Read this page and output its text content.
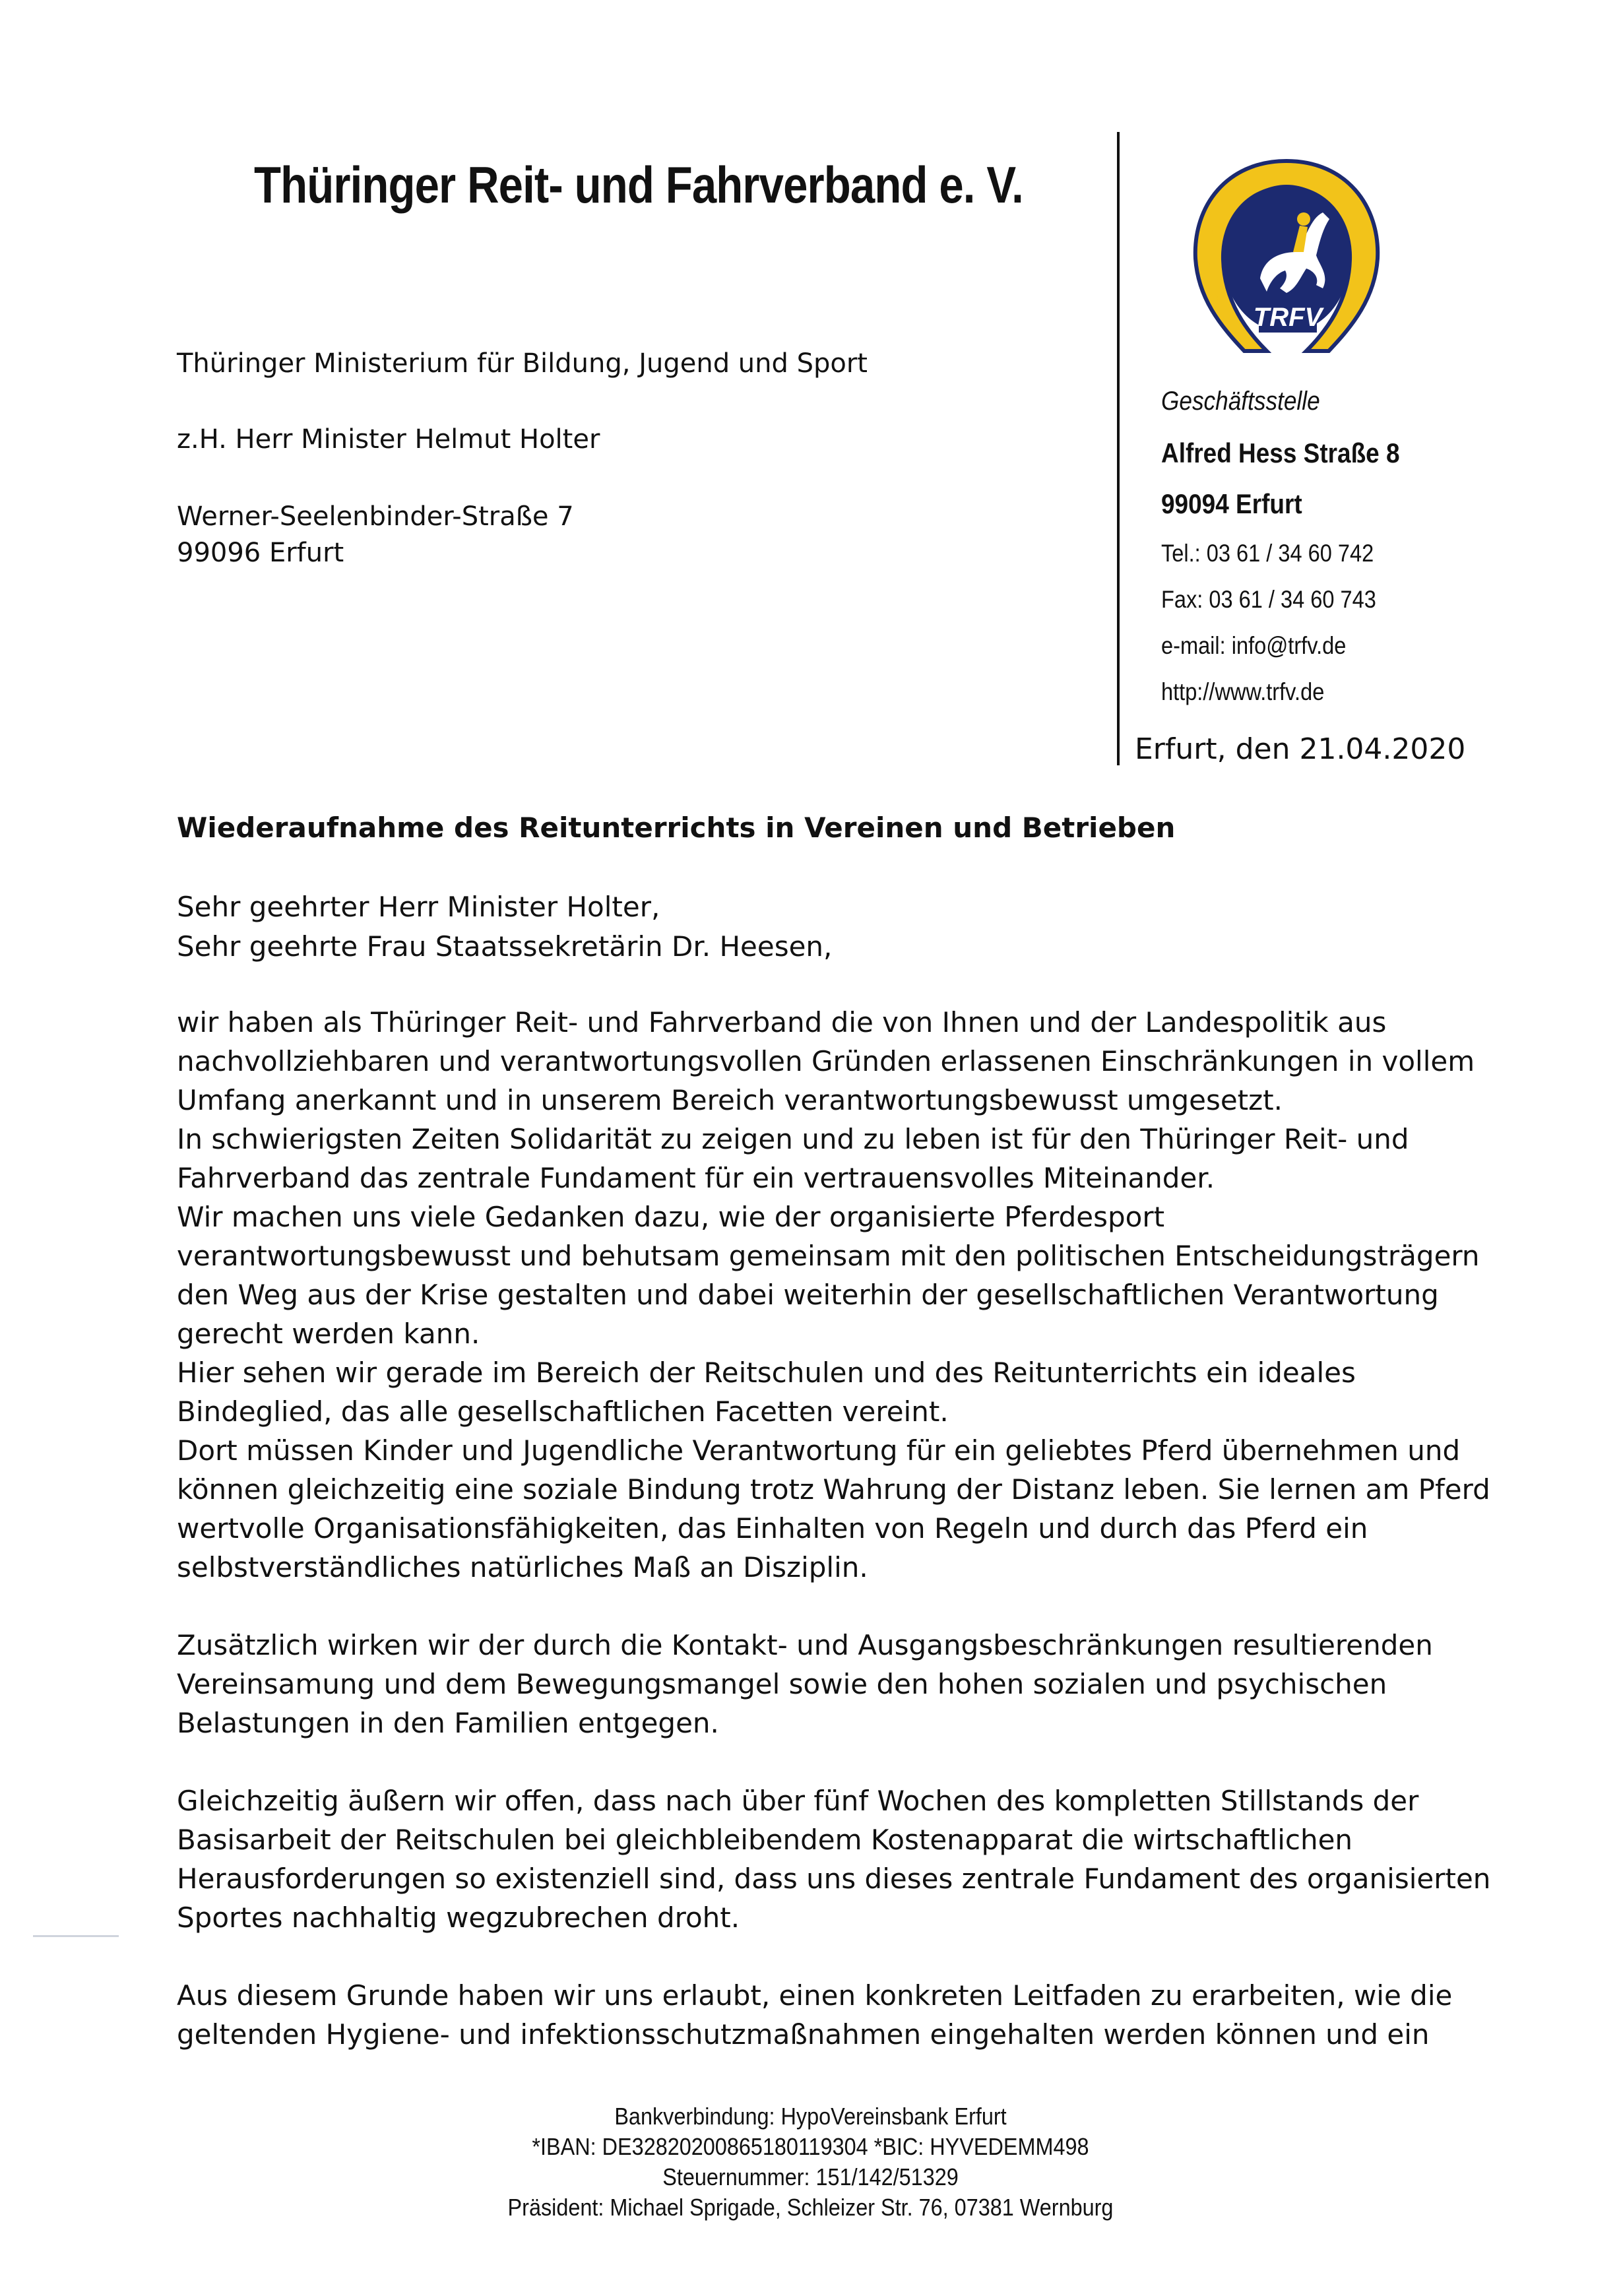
Thüringer Reit- und Fahrverband e. V.
Thüringer Ministerium für Bildung, Jugend und Sport
z.H. Herr Minister Helmut Holter
Werner-Seelenbinder-Straße 7
99096 Erfurt
TRFV
Geschäftsstelle
Alfred Hess Straße 8
99094 Erfurt
Tel.: 03 61 / 34 60 742
Fax: 03 61 / 34 60 743
e-mail: info@trfv.de
http://www.trfv.de
Erfurt, den 21.04.2020
Wiederaufnahme des Reitunterrichts in Vereinen und Betrieben
Sehr geehrter Herr Minister Holter,
Sehr geehrte Frau Staatssekretärin Dr. Heesen,

wir haben als Thüringer Reit- und Fahrverband die von Ihnen und der Landespolitik aus
nachvollziehbaren und verantwortungsvollen Gründen erlassenen Einschränkungen in vollem
Umfang anerkannt und in unserem Bereich verantwortungsbewusst umgesetzt.
In schwierigsten Zeiten Solidarität zu zeigen und zu leben ist für den Thüringer Reit- und
Fahrverband das zentrale Fundament für ein vertrauensvolles Miteinander.
Wir machen uns viele Gedanken dazu, wie der organisierte Pferdesport
verantwortungsbewusst und behutsam gemeinsam mit den politischen Entscheidungsträgern
den Weg aus der Krise gestalten und dabei weiterhin der gesellschaftlichen Verantwortung
gerecht werden kann.
Hier sehen wir gerade im Bereich der Reitschulen und des Reitunterrichts ein ideales
Bindeglied, das alle gesellschaftlichen Facetten vereint.
Dort müssen Kinder und Jugendliche Verantwortung für ein geliebtes Pferd übernehmen und
können gleichzeitig eine soziale Bindung trotz Wahrung der Distanz leben. Sie lernen am Pferd
wertvolle Organisationsfähigkeiten, das Einhalten von Regeln und durch das Pferd ein
selbstverständliches natürliches Maß an Disziplin.

Zusätzlich wirken wir der durch die Kontakt- und Ausgangsbeschränkungen resultierenden
Vereinsamung und dem Bewegungsmangel sowie den hohen sozialen und psychischen
Belastungen in den Familien entgegen.

Gleichzeitig äußern wir offen, dass nach über fünf Wochen des kompletten Stillstands der
Basisarbeit der Reitschulen bei gleichbleibendem Kostenapparat die wirtschaftlichen
Herausforderungen so existenziell sind, dass uns dieses zentrale Fundament des organisierten
Sportes nachhaltig wegzubrechen droht.

Aus diesem Grunde haben wir uns erlaubt, einen konkreten Leitfaden zu erarbeiten, wie die
geltenden Hygiene- und infektionsschutzmaßnahmen eingehalten werden können und ein

Bankverbindung: HypoVereinsbank Erfurt
*IBAN: DE32820200865180119304 *BIC: HYVEDEMM498
Steuernummer: 151/142/51329
Präsident: Michael Sprigade, Schleizer Str. 76, 07381 Wernburg
